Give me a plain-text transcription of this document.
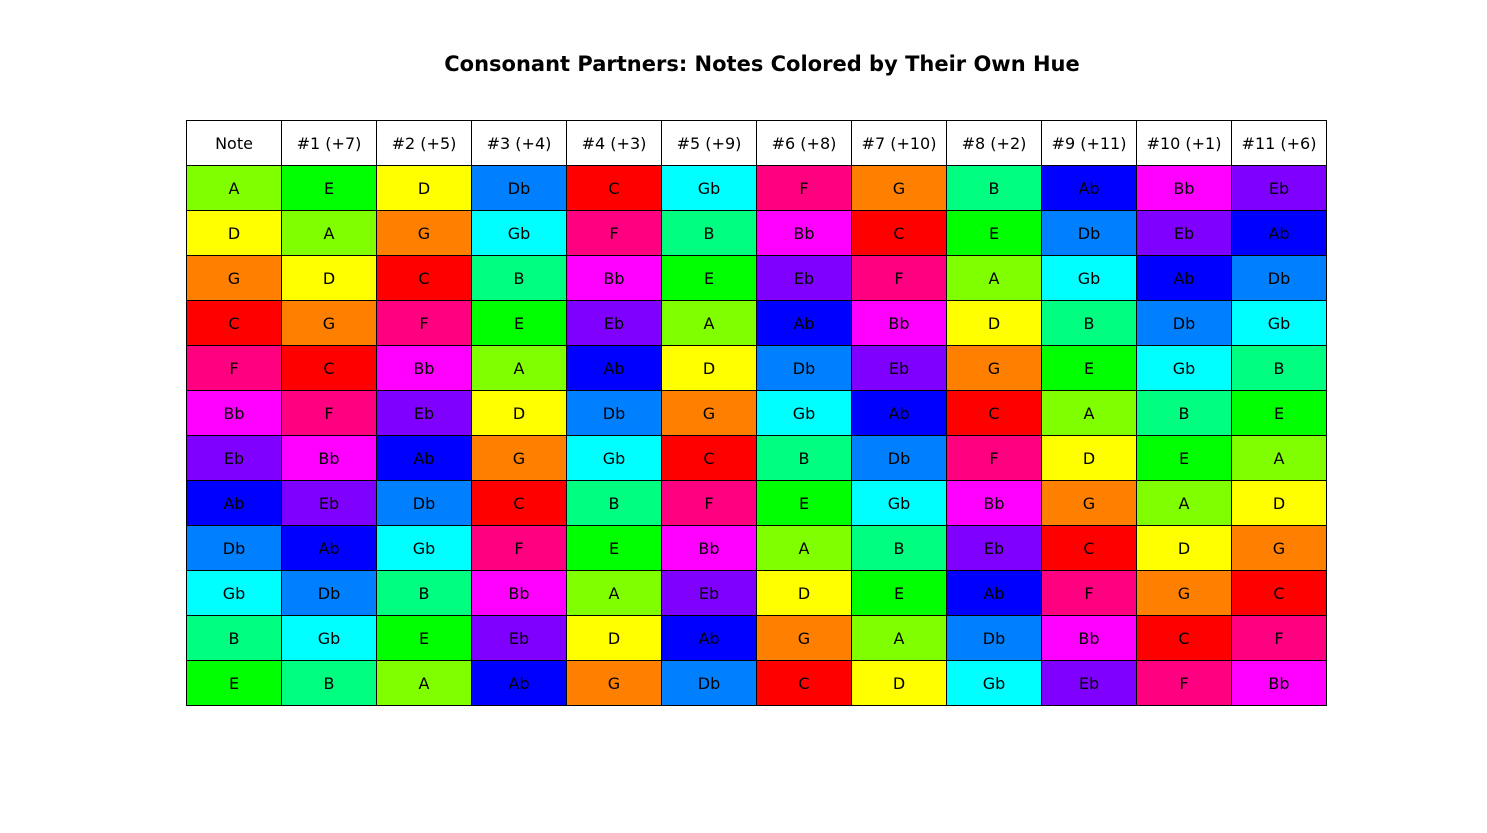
Consonant Partners: Notes Colored by Their Own Hue
Note	#1 (+7)	#2 (+5)	#3 (+4)	#4 (+3)	#5 (+9)	#6 (+8)	#7 (+10)	#8 (+2)	#9 (+11)	#10 (+1)	#11 (+6)
A	E	D	Db	C	Gb	F	G	B	Ab	Bb	Eb
D	A	G	Gb	F	B	Bb	C	E	Db	Eb	Ab
G	D	C	B	Bb	E	Eb	F	A	Gb	Ab	Db
C	G	F	E	Eb	A	Ab	Bb	D	B	Db	Gb
F	C	Bb	A	Ab	D	Db	Eb	G	E	Gb	B
Bb	F	Eb	D	Db	G	Gb	Ab	C	A	B	E
Eb	Bb	Ab	G	Gb	C	B	Db	F	D	E	A
Ab	Eb	Db	C	B	F	E	Gb	Bb	G	A	D
Db	Ab	Gb	F	E	Bb	A	B	Eb	C	D	G
Gb	Db	B	Bb	A	Eb	D	E	Ab	F	G	C
B	Gb	E	Eb	D	Ab	G	A	Db	Bb	C	F
E	B	A	Ab	G	Db	C	D	Gb	Eb	F	Bb
